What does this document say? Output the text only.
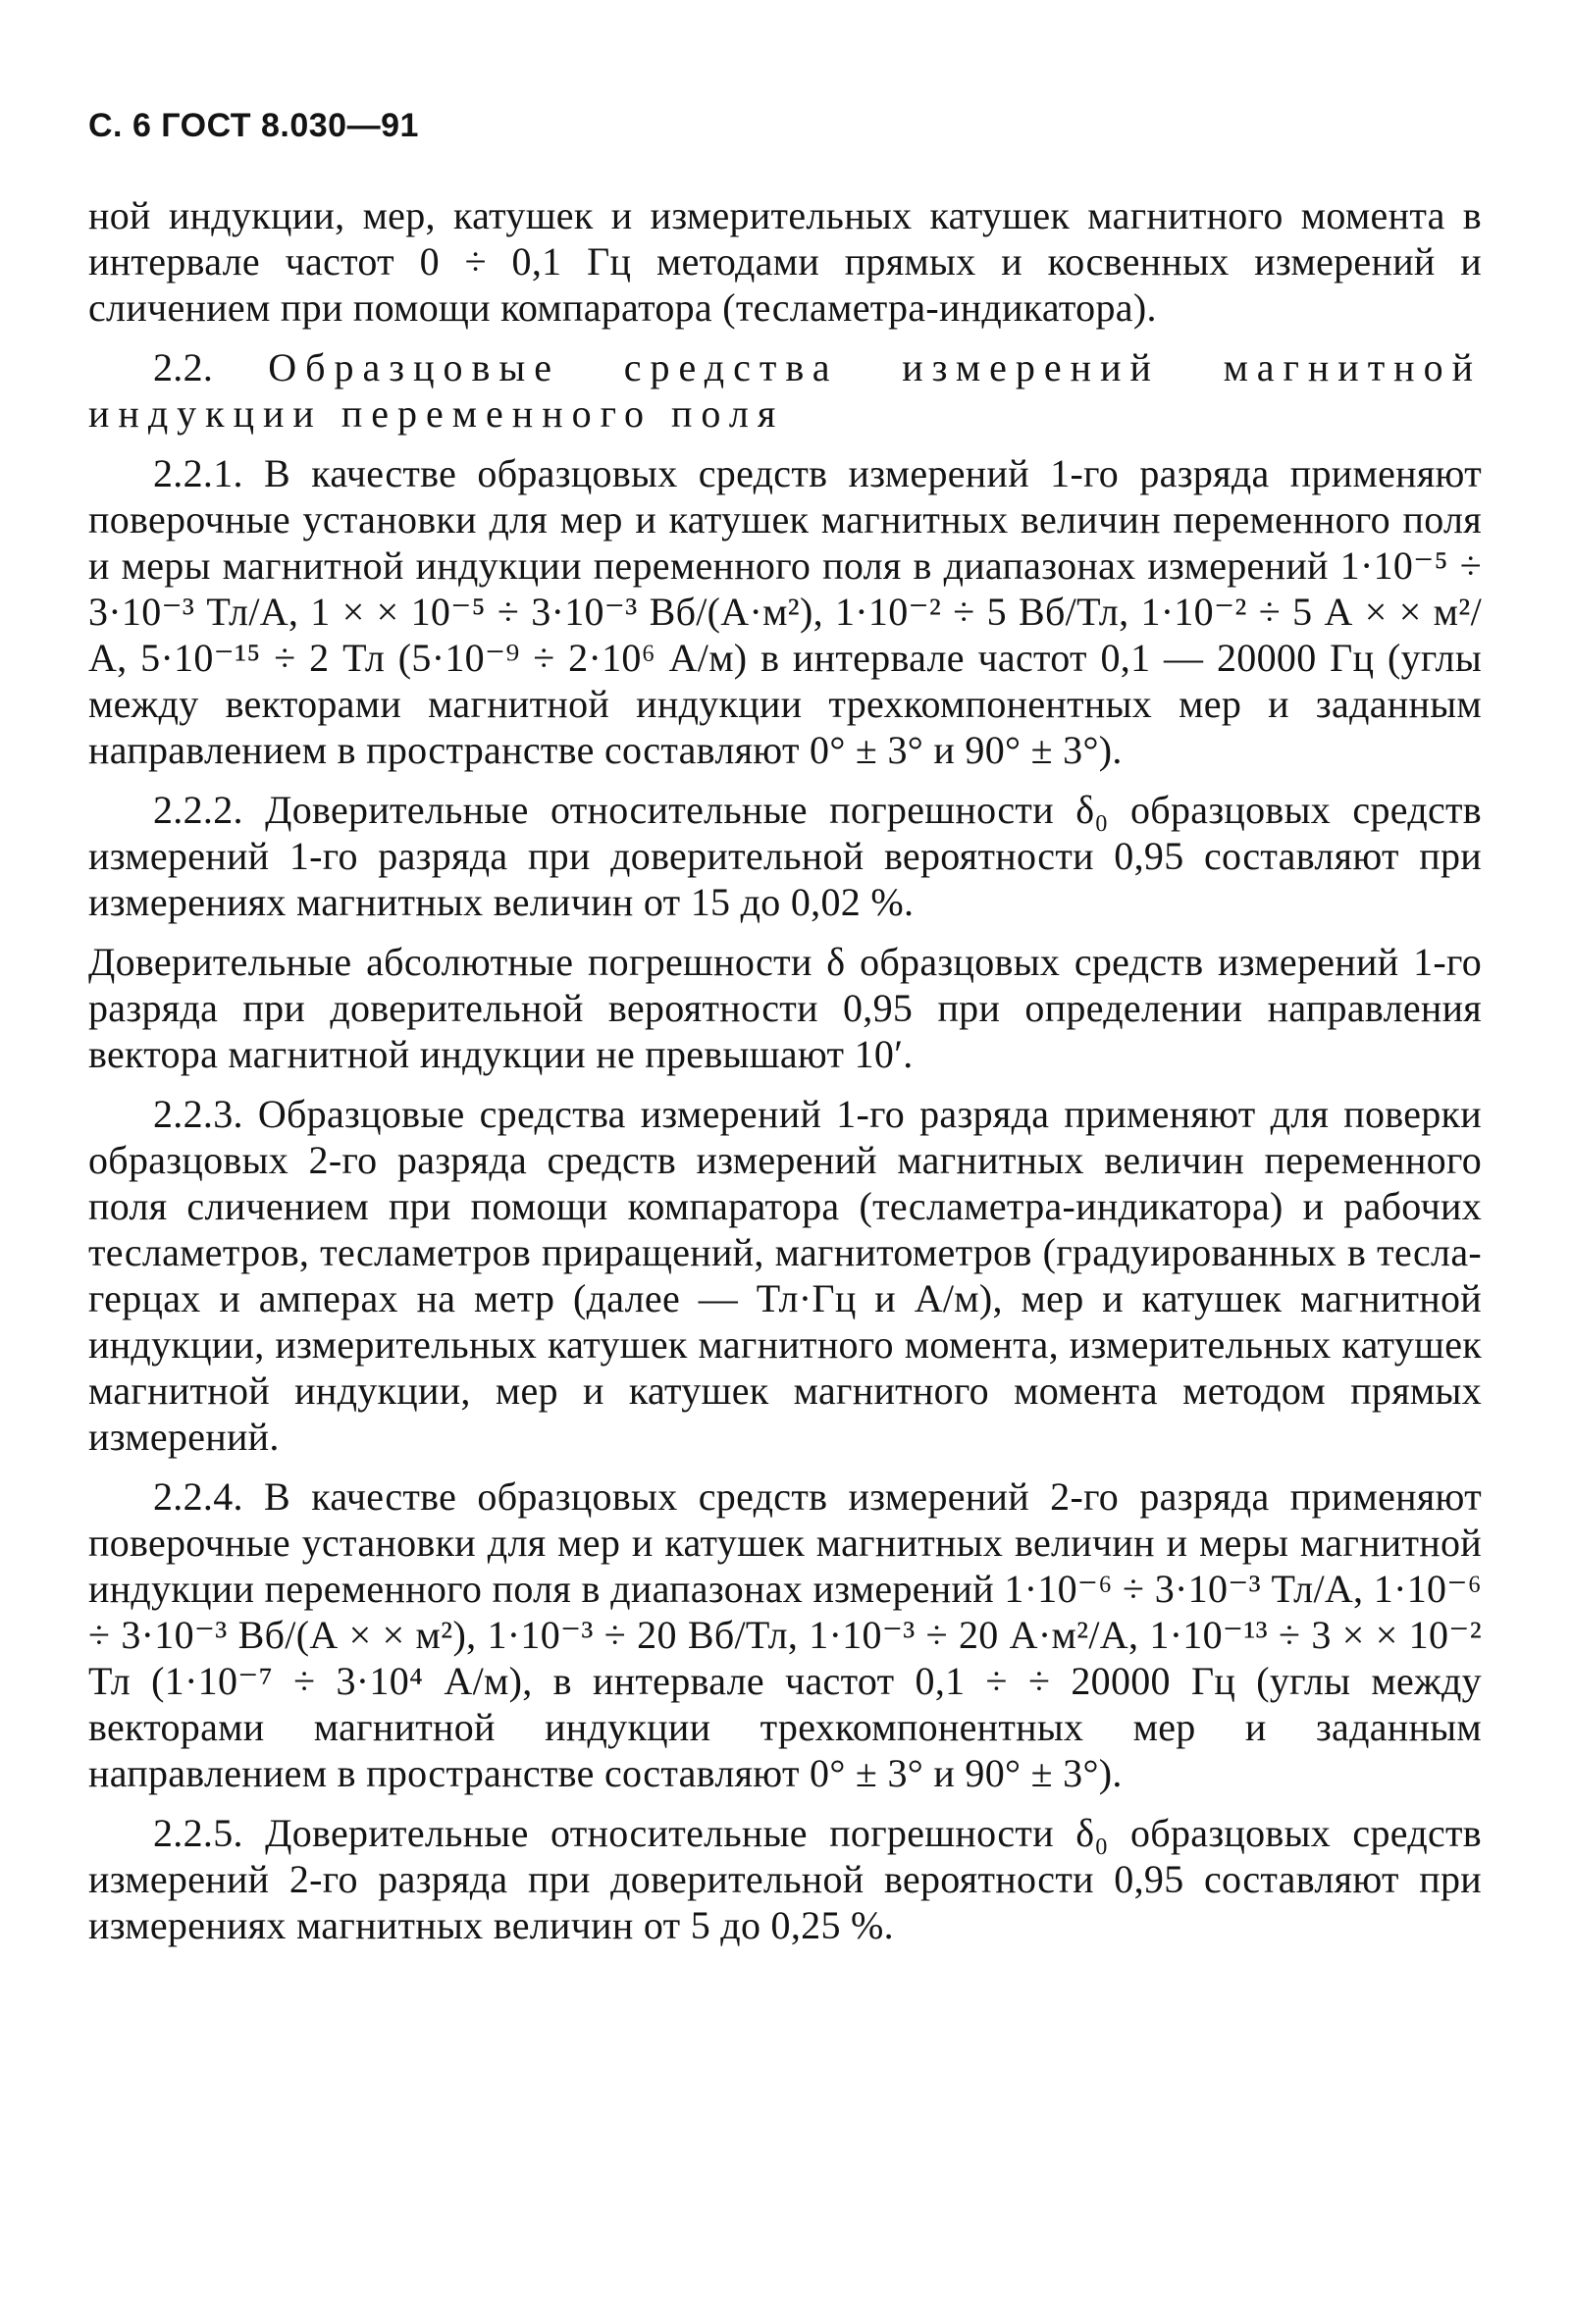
С. 6 ГОСТ 8.030—91

ной индукции, мер, катушек и измерительных катушек магнитного момента в интервале частот 0 ÷ 0,1 Гц методами прямых и косвенных измерений и сличением при помощи компаратора (тесламетра-индикатора).

2.2. Образцовые средства измерений магнитной индукции переменного поля

2.2.1. В качестве образцовых средств измерений 1-го разряда применяют поверочные установки для мер и катушек магнитных величин переменного поля и меры магнитной индукции переменного поля в диапазонах измерений 1·10⁻⁵ ÷ 3·10⁻³ Тл/А, 1 × × 10⁻⁵ ÷ 3·10⁻³ Вб/(А·м²), 1·10⁻² ÷ 5 Вб/Тл, 1·10⁻² ÷ 5 А × × м²/А, 5·10⁻¹⁵ ÷ 2 Тл (5·10⁻⁹ ÷ 2·10⁶ А/м) в интервале частот 0,1 — 20000 Гц (углы между векторами магнитной индукции трехкомпонентных мер и заданным направлением в пространстве составляют 0° ± 3° и 90° ± 3°).

2.2.2. Доверительные относительные погрешности δ₀ образцовых средств измерений 1-го разряда при доверительной вероятности 0,95 составляют при измерениях магнитных величин от 15 до 0,02 %.

Доверительные абсолютные погрешности δ образцовых средств измерений 1-го разряда при доверительной вероятности 0,95 при определении направления вектора магнитной индукции не превышают 10′.

2.2.3. Образцовые средства измерений 1-го разряда применяют для поверки образцовых 2-го разряда средств измерений магнитных величин переменного поля сличением при помощи компаратора (тесламетра-индикатора) и рабочих тесламетров, тесламетров приращений, магнитометров (градуированных в тесла-герцах и амперах на метр (далее — Тл·Гц и А/м), мер и катушек магнитной индукции, измерительных катушек магнитного момента, измерительных катушек магнитной индукции, мер и катушек магнитного момента методом прямых измерений.

2.2.4. В качестве образцовых средств измерений 2-го разряда применяют поверочные установки для мер и катушек магнитных величин и меры магнитной индукции переменного поля в диапазонах измерений 1·10⁻⁶ ÷ 3·10⁻³ Тл/А, 1·10⁻⁶ ÷ 3·10⁻³ Вб/(А × × м²), 1·10⁻³ ÷ 20 Вб/Тл, 1·10⁻³ ÷ 20 А·м²/А, 1·10⁻¹³ ÷ 3 × × 10⁻² Тл (1·10⁻⁷ ÷ 3·10⁴ А/м), в интервале частот 0,1 ÷ ÷ 20000 Гц (углы между векторами магнитной индукции трехкомпонентных мер и заданным направлением в пространстве составляют 0° ± 3° и 90° ± 3°).

2.2.5. Доверительные относительные погрешности δ₀ образцовых средств измерений 2-го разряда при доверительной вероятности 0,95 составляют при измерениях магнитных величин от 5 до 0,25 %.
